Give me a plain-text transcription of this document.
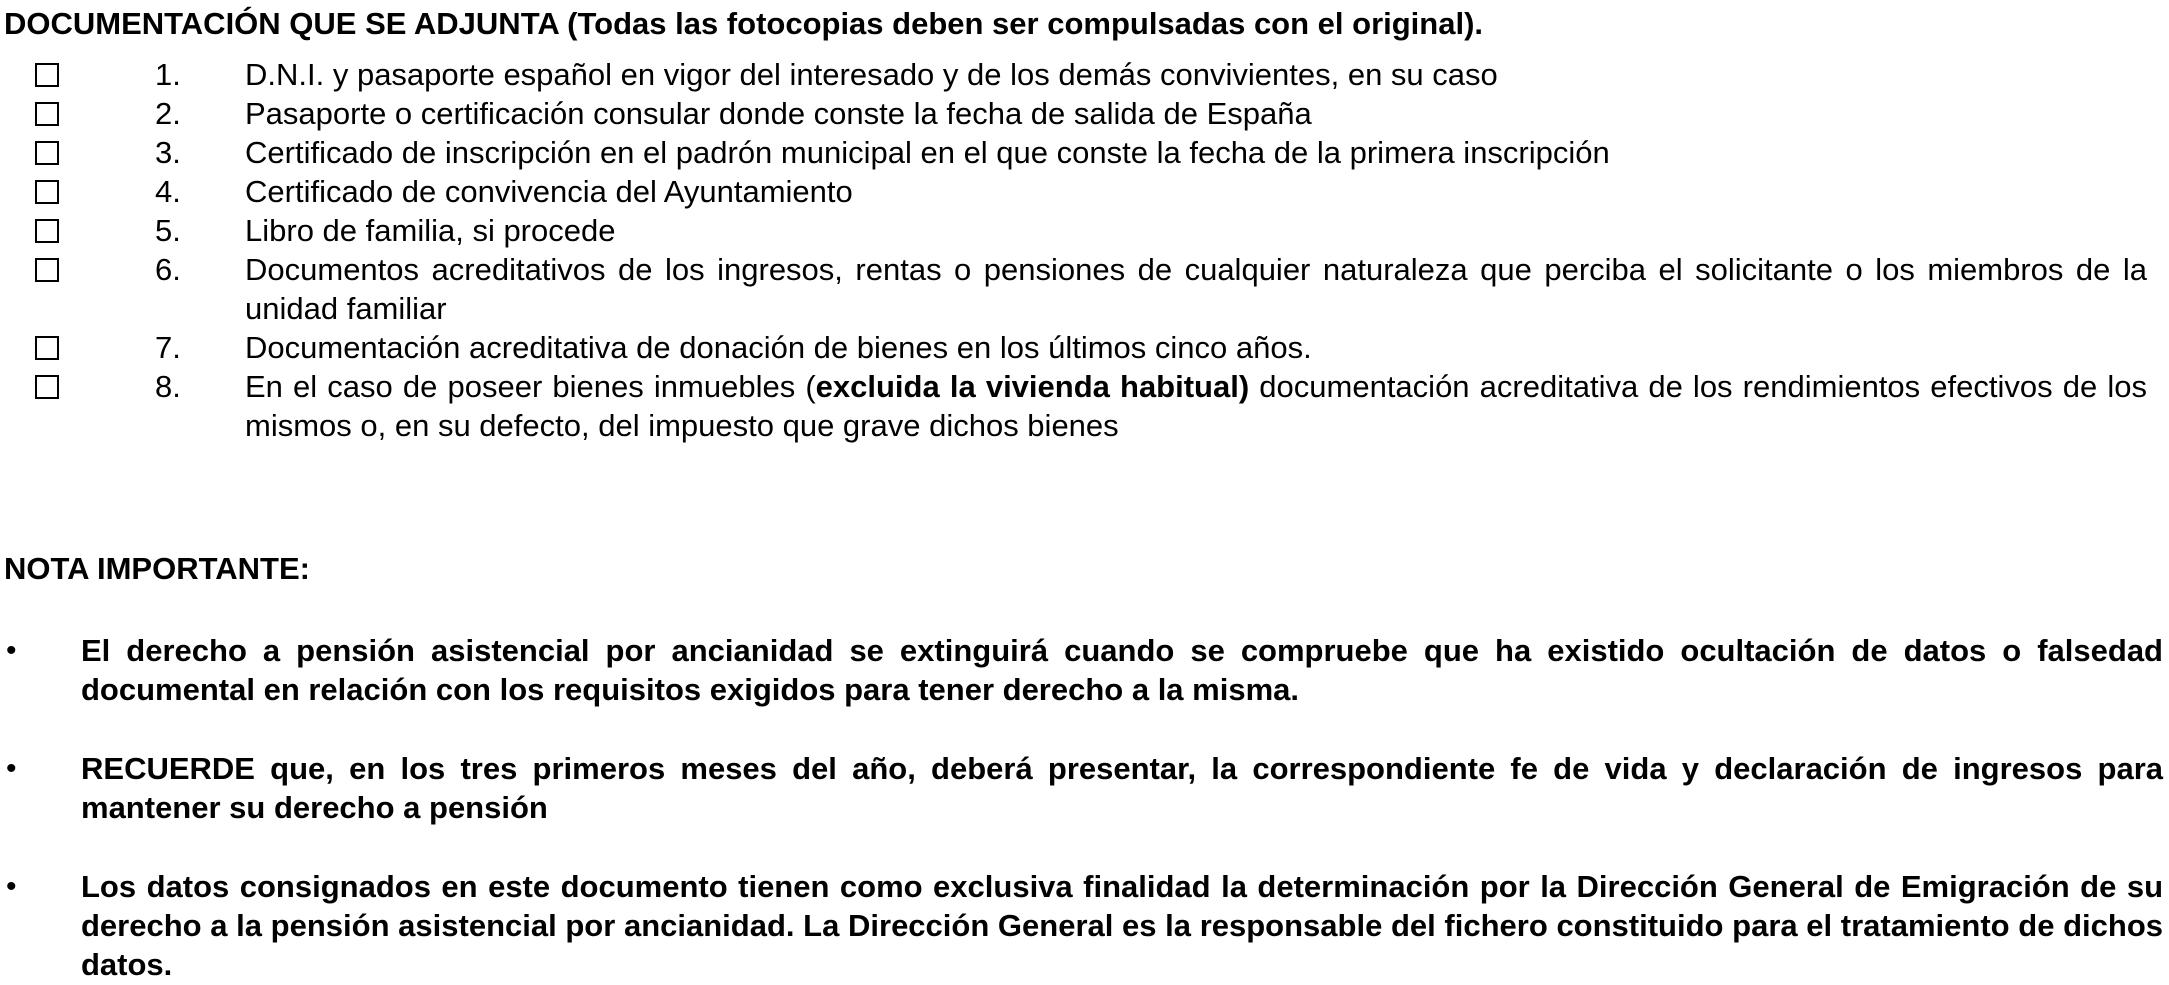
DOCUMENTACIÓN QUE SE ADJUNTA (Todas las fotocopias deben ser compulsadas con el original).
1. D.N.I. y pasaporte español en vigor del interesado y de los demás convivientes, en su caso
2. Pasaporte o certificación consular donde conste la fecha de salida de España
3. Certificado de inscripción en el padrón municipal en el que conste la fecha de la primera inscripción
4. Certificado de convivencia del Ayuntamiento
5. Libro de familia, si procede
6. Documentos acreditativos de los ingresos, rentas o pensiones de cualquier naturaleza que perciba el solicitante o los miembros de la unidad familiar
7. Documentación acreditativa de donación de bienes en los últimos cinco años.
8. En el caso de poseer bienes inmuebles (excluida la vivienda habitual) documentación acreditativa de los rendimientos efectivos de los mismos o, en su defecto, del impuesto que grave dichos bienes
NOTA IMPORTANTE:
• El derecho a pensión asistencial por ancianidad se extinguirá cuando se compruebe que ha existido ocultación de datos o falsedad documental en relación con los requisitos exigidos para tener derecho a la misma.
• RECUERDE que, en los tres primeros meses del año, deberá presentar, la correspondiente fe de vida y declaración de ingresos para mantener su derecho a pensión
• Los datos consignados en este documento tienen como exclusiva finalidad la determinación por la Dirección General de Emigración de su derecho a la pensión asistencial por ancianidad. La Dirección General es la responsable del fichero constituido para el tratamiento de dichos datos.
